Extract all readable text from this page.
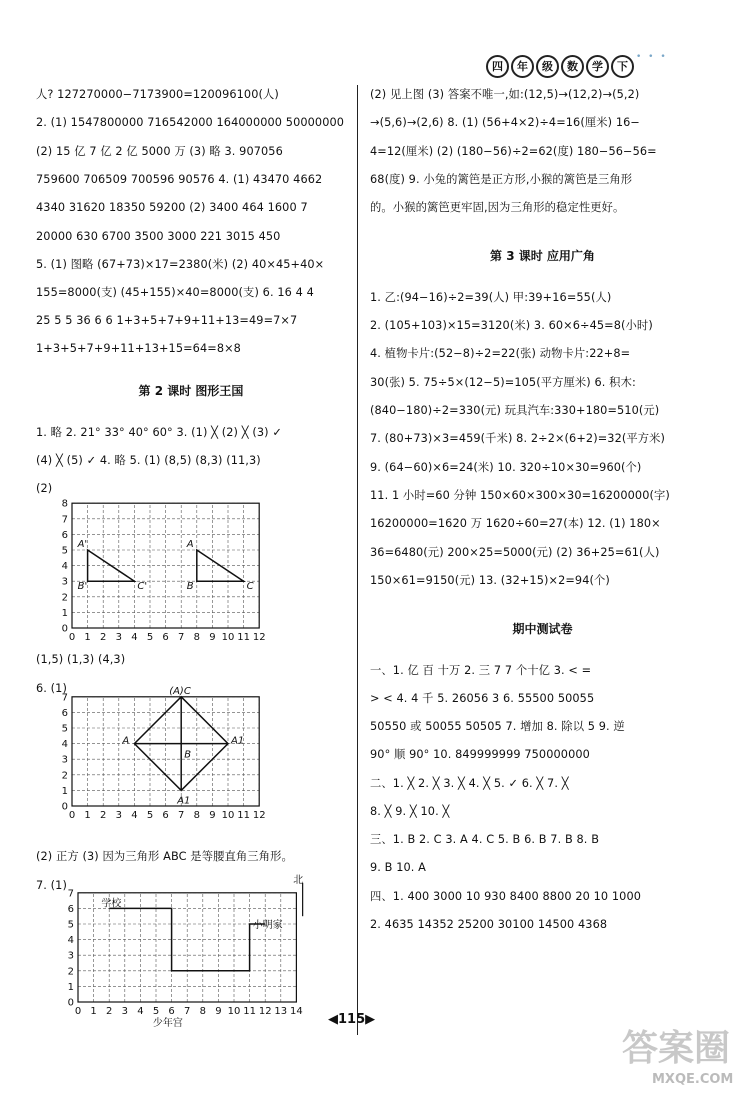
四	年	级	数	学	下
• • •
人? 127270000−7173900=120096100(人)
2. (1) 1547800000 716542000 164000000 50000000
(2) 15 亿 7 亿 2 亿 5000 万 (3) 略 3. 907056
759600 706509 700596 90576 4. (1) 43470 4662
4340 31620 18350 59200 (2) 3400 464 1600 7
20000 630 6700 3500 3000 221 3015 450
5. (1) 图略 (67+73)×17=2380(米) (2) 40×45+40×
155=8000(支) (45+155)×40=8000(支) 6. 16 4 4
25 5 5 36 6 6 1+3+5+7+9+11+13=49=7×7
1+3+5+7+9+11+13+15=64=8×8
第 2 课时 图形王国
1. 略 2. 21° 33° 40° 60° 3. (1) ╳ (2) ╳ (3) ✓
(4) ╳ (5) ✓ 4. 略 5. (1) (8,5) (8,3) (11,3)
(2)
(1,5) (1,3) (4,3)
6. (1)
(2) 正方 (3) 因为三角形 ABC 是等腰直角三角形。
7. (1)
0 1 2 3 4 5 6 7 8 9 10 11 12
0
1
2
3
4
5
6
7
8
A'
B'	C'
A
B	C
0 1 2 3 4 5 6 7 8 9 10 11 12
0
1
2
3
4
5
6
7
(A)C
A	A1
A1
B
0 1 2 3 4 5 6 7 8 9 10 11 12 13 14
0
1
2
3
4
5
6
7
学校
小明家
少年宫
北
(2) 见上图 (3) 答案不唯一,如:(12,5)→(12,2)→(5,2)
→(5,6)→(2,6) 8. (1) (56+4×2)÷4=16(厘米) 16−
4=12(厘米) (2) (180−56)÷2=62(度) 180−56−56=
68(度) 9. 小兔的篱笆是正方形,小猴的篱笆是三角形
的。小猴的篱笆更牢固,因为三角形的稳定性更好。
第 3 课时 应用广角
1. 乙:(94−16)÷2=39(人) 甲:39+16=55(人)
2. (105+103)×15=3120(米) 3. 60×6÷45=8(小时)
4. 植物卡片:(52−8)÷2=22(张) 动物卡片:22+8=
30(张) 5. 75÷5×(12−5)=105(平方厘米) 6. 积木:
(840−180)÷2=330(元) 玩具汽车:330+180=510(元)
7. (80+73)×3=459(千米) 8. 2÷2×(6+2)=32(平方米)
9. (64−60)×6=24(米) 10. 320÷10×30=960(个)
11. 1 小时=60 分钟 150×60×300×30=16200000(字)
16200000=1620 万 1620÷60=27(本) 12. (1) 180×
36=6480(元) 200×25=5000(元) (2) 36+25=61(人)
150×61=9150(元) 13. (32+15)×2=94(个)
期中测试卷
一、1. 亿 百 十万 2. 三 7 7 个十亿 3. < =
> < 4. 4 千 5. 26056 3 6. 55500 50055
50550 或 50055 50505 7. 增加 8. 除以 5 9. 逆
90° 顺 90° 10. 849999999 750000000
二、1. ╳ 2. ╳ 3. ╳ 4. ╳ 5. ✓ 6. ╳ 7. ╳
8. ╳ 9. ╳ 10. ╳
三、1. B 2. C 3. A 4. C 5. B 6. B 7. B 8. B
9. B 10. A
四、1. 400 3000 10 930 8400 8800 20 10 1000
2. 4635 14352 25200 30100 14500 4368
◀115▶
答案圈
MXQE.COM
